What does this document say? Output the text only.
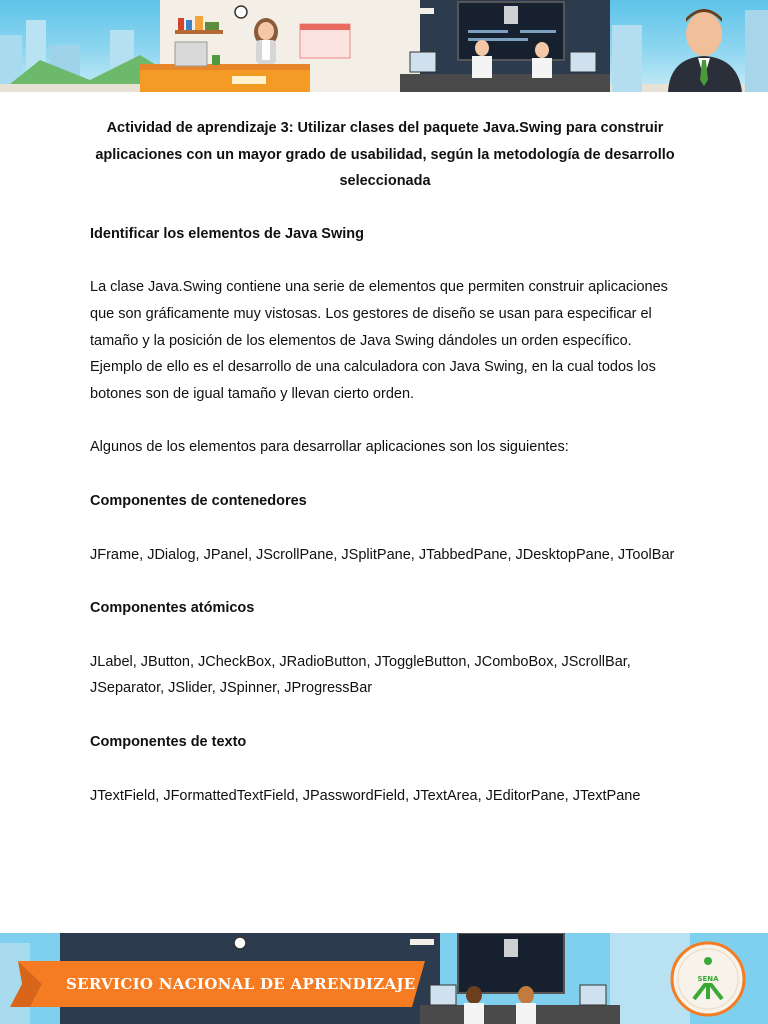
Actividad de aprendizaje 3: Utilizar clases del paquete Java.Swing para construir aplicaciones con un mayor grado de usabilidad, según la metodología de desarrollo seleccionada
Identificar los elementos de Java Swing
La clase Java.Swing contiene una serie de elementos que permiten construir aplicaciones que son gráficamente muy vistosas. Los gestores de diseño se usan para especificar el tamaño y la posición de los elementos de Java Swing dándoles un orden específico. Ejemplo de ello es el desarrollo de una calculadora con Java Swing, en la cual todos los botones son de igual tamaño y llevan cierto orden.
Algunos de los elementos para desarrollar aplicaciones son los siguientes:
Componentes de contenedores
JFrame, JDialog, JPanel, JScrollPane, JSplitPane, JTabbedPane, JDesktopPane, JToolBar
Componentes atómicos
JLabel, JButton, JCheckBox, JRadioButton, JToggleButton, JComboBox, JScrollBar, JSeparator, JSlider, JSpinner, JProgressBar
Componentes de texto
JTextField, JFormattedTextField, JPasswordField, JTextArea, JEditorPane, JTextPane
SERVICIO NACIONAL DE APRENDIZAJE	SENA
